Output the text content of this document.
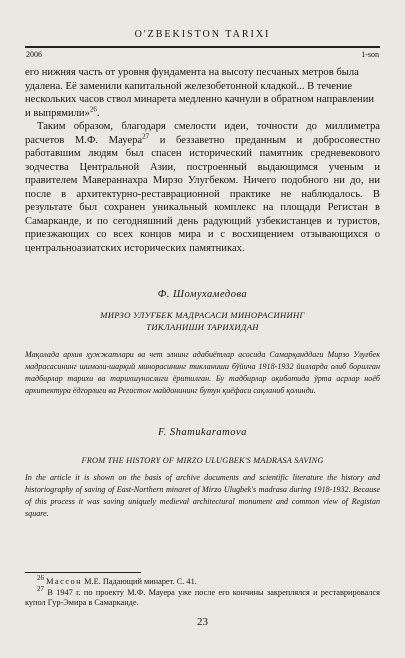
O'ZBEKISTON TARIXI
2006	1-son

его нижняя часть от уровня фундамента на высоту песчаных метров была удалена. Её заменили капитальной железобетонной кладкой... В течение нескольких часов ствол минарета медленно качнули в обратном направлении и выпрямили»$^{26}$.

Таким образом, благодаря смелости идеи, точности до миллиметра расчетов М.Ф. Мауера$^{27}$ и беззаветно преданным и добросовестно работавшим людям был спасен исторический памятник средневекового зодчества Центральной Азии, построенный выдающимся ученым и правителем Мавераннахра Мирзо Улугбеком. Ничего подобного ни до, ни после в архитектурно-реставрационной практике не наблюдалось. В результате был сохранен уникальный комплекс на площади Регистан в Самарканде, и по сегодняшний день радующий узбекистанцев и туристов, приезжающих со всех концов мира и с восхищением отзывающихся о центральноазиатских исторических памятниках.

Ф. Шомухамедова
МИРЗО УЛУҒБЕК МАДРАСАСИ МИНОРАСИНИНГ
ТИКЛАНИШИ ТАРИХИДАН
Мақолада архив ҳужжатлари ва чет элнинг адабиётлар асосида Самарқанддаги Мирзо Улуғбек мадрасасининг шимоли-шарқий минорасининг тикланиши бўйича 1918-1932 йилларда олиб борилган тадбирлар тарихи ва тарихшунослиги ёритилган. Бу тадбирлар оқибатида ўрта асрлар ноёб архитектура ёдгорлиги ва Регистон майдонининг бутун қиёфаси сақланиб қолинди.
F. Shamukaramova
FROM THE HISTORY OF MIRZO ULUGBEK'S MADRASA SAVING
In the article it is shown on the basis of archive documents and scientific literature the history and historiography of saving of East-Northern minaret of Mirzo Ulugbek's madrasa during 1918-1932. Because of this process it was saving uniquely medieval architectural monument and common view of Registan square.

$^{26}$ Массон М.Е. Падающий минарет. С. 41.

$^{27}$ В 1947 г. по проекту М.Ф. Мауера уже после его кончины закреплялся и реставрировался купол Гур-Эмира в Самарканде.

23
